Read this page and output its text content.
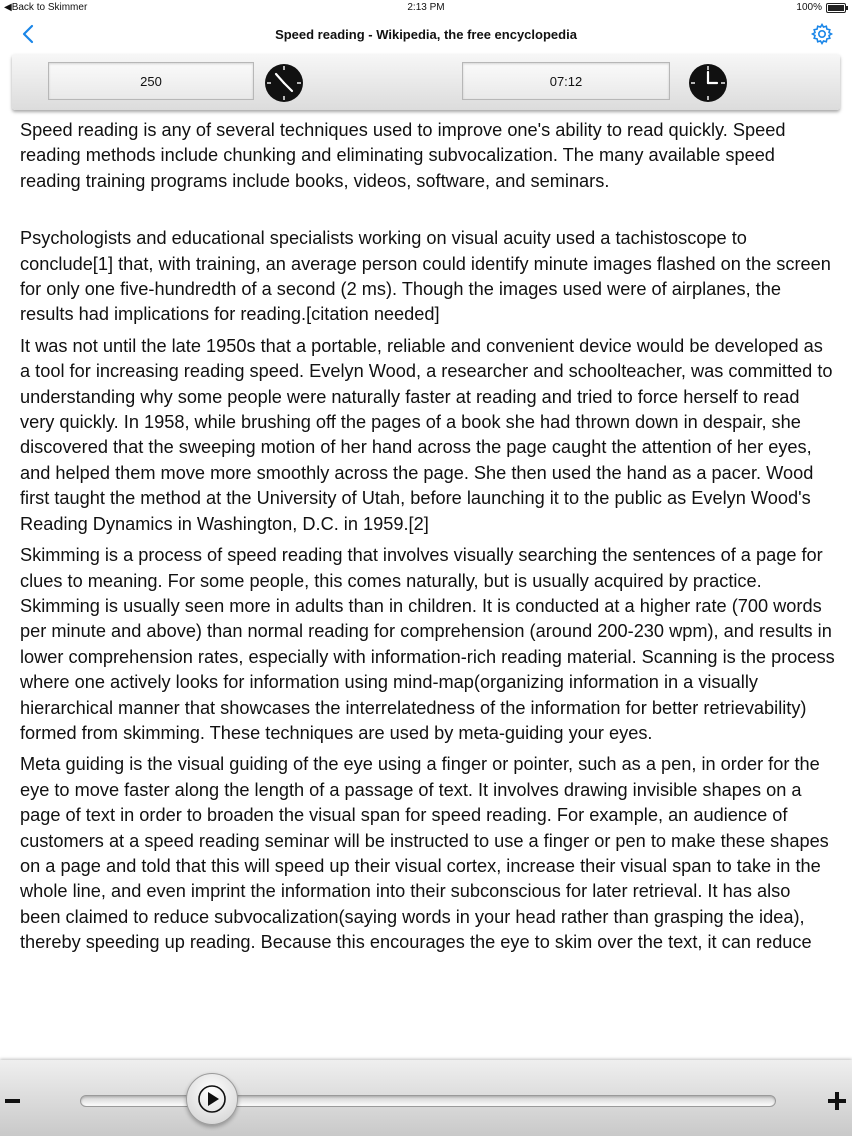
◀Back to Skimmer	2:13 PM	100%
Speed reading - Wikipedia, the free encyclopedia
250	07:12

Speed reading is any of several techniques used to improve one's ability to read quickly. Speed reading methods include chunking and eliminating subvocalization. The many available speed reading training programs include books, videos, software, and seminars.

Psychologists and educational specialists working on visual acuity used a tachistoscope to conclude[1] that, with training, an average person could identify minute images flashed on the screen for only one five-hundredth of a second (2 ms). Though the images used were of airplanes, the results had implications for reading.[citation needed]

It was not until the late 1950s that a portable, reliable and convenient device would be developed as a tool for increasing reading speed. Evelyn Wood, a researcher and schoolteacher, was committed to understanding why some people were naturally faster at reading and tried to force herself to read very quickly. In 1958, while brushing off the pages of a book she had thrown down in despair, she discovered that the sweeping motion of her hand across the page caught the attention of her eyes, and helped them move more smoothly across the page. She then used the hand as a pacer. Wood first taught the method at the University of Utah, before launching it to the public as Evelyn Wood's Reading Dynamics in Washington, D.C. in 1959.[2]

Skimming is a process of speed reading that involves visually searching the sentences of a page for clues to meaning. For some people, this comes naturally, but is usually acquired by practice. Skimming is usually seen more in adults than in children. It is conducted at a higher rate (700 words per minute and above) than normal reading for comprehension (around 200-230 wpm), and results in lower comprehension rates, especially with information-rich reading material. Scanning is the process where one actively looks for information using mind-map(organizing information in a visually hierarchical manner that showcases the interrelatedness of the information for better retrievability) formed from skimming. These techniques are used by meta-guiding your eyes.

Meta guiding is the visual guiding of the eye using a finger or pointer, such as a pen, in order for the eye to move faster along the length of a passage of text. It involves drawing invisible shapes on a page of text in order to broaden the visual span for speed reading. For example, an audience of customers at a speed reading seminar will be instructed to use a finger or pen to make these shapes on a page and told that this will speed up their visual cortex, increase their visual span to take in the whole line, and even imprint the information into their subconscious for later retrieval. It has also been claimed to reduce subvocalization(saying words in your head rather than grasping the idea), thereby speeding up reading. Because this encourages the eye to skim over the text, it can reduce
